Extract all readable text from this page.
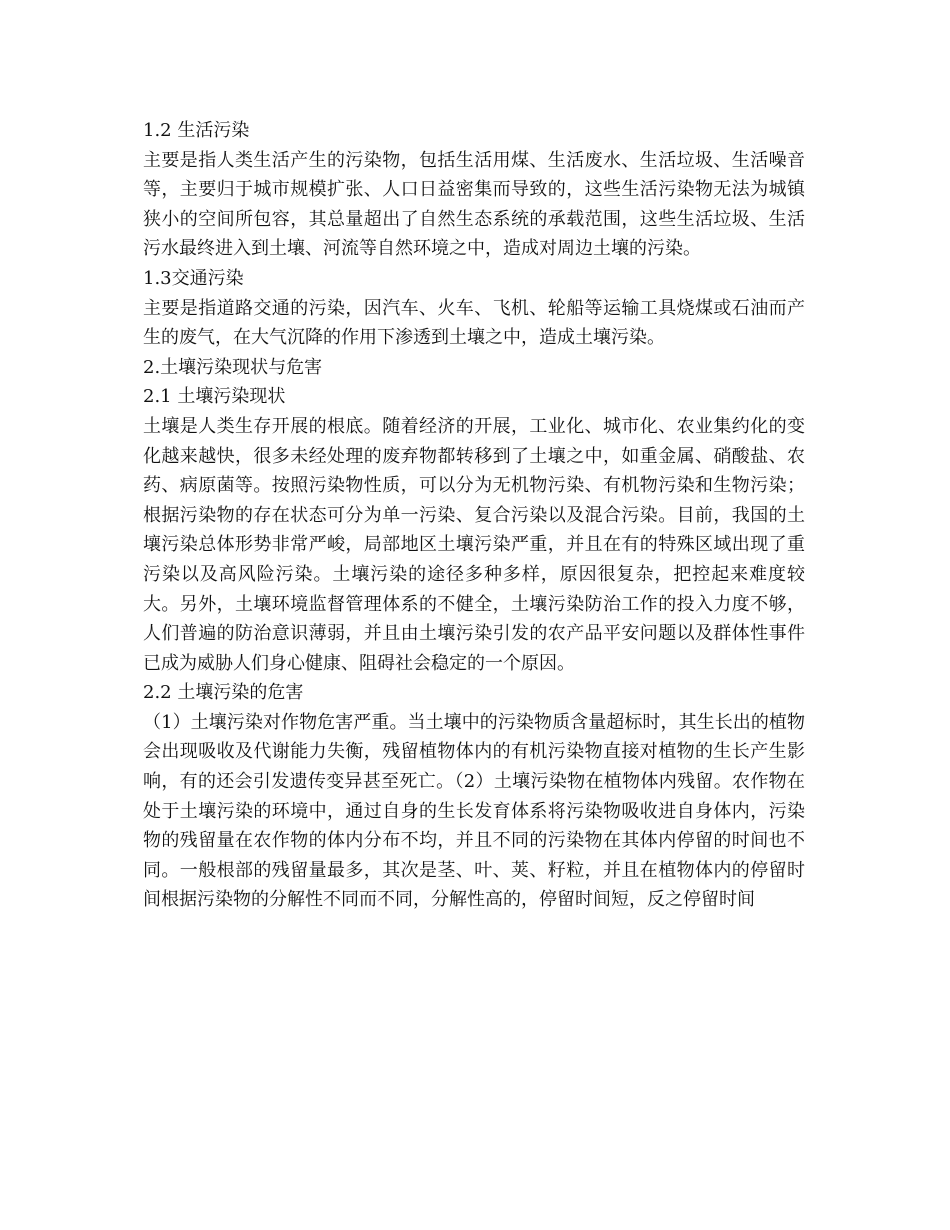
1.2 生活污染

主要是指人类生活产生的污染物，包括生活用煤、生活废水、生活垃圾、生活噪音等，主要归于城市规模扩张、人口日益密集而导致的，这些生活污染物无法为城镇狭小的空间所包容，其总量超出了自然生态系统的承载范围，这些生活垃圾、生活污水最终进入到土壤、河流等自然环境之中，造成对周边土壤的污染。

1.3交通污染

主要是指道路交通的污染，因汽车、火车、飞机、轮船等运输工具烧煤或石油而产生的废气，在大气沉降的作用下渗透到土壤之中，造成土壤污染。

2.土壤污染现状与危害

2.1 土壤污染现状

土壤是人类生存开展的根底。随着经济的开展，工业化、城市化、农业集约化的变化越来越快，很多未经处理的废弃物都转移到了土壤之中，如重金属、硝酸盐、农药、病原菌等。按照污染物性质，可以分为无机物污染、有机物污染和生物污染；根据污染物的存在状态可分为单一污染、复合污染以及混合污染。目前，我国的土壤污染总体形势非常严峻，局部地区土壤污染严重，并且在有的特殊区域出现了重污染以及高风险污染。土壤污染的途径多种多样，原因很复杂，把控起来难度较大。另外，土壤环境监督管理体系的不健全，土壤污染防治工作的投入力度不够，人们普遍的防治意识薄弱，并且由土壤污染引发的农产品平安问题以及群体性事件已成为威胁人们身心健康、阻碍社会稳定的一个原因。

2.2 土壤污染的危害

（1）土壤污染对作物危害严重。当土壤中的污染物质含量超标时，其生长出的植物会出现吸收及代谢能力失衡，残留植物体内的有机污染物直接对植物的生长产生影响，有的还会引发遗传变异甚至死亡。（2）土壤污染物在植物体内残留。农作物在处于土壤污染的环境中，通过自身的生长发育体系将污染物吸收进自身体内，污染物的残留量在农作物的体内分布不均，并且不同的污染物在其体内停留的时间也不同。一般根部的残留量最多，其次是茎、叶、荚、籽粒，并且在植物体内的停留时间根据污染物的分解性不同而不同，分解性高的，停留时间短，反之停留时间
